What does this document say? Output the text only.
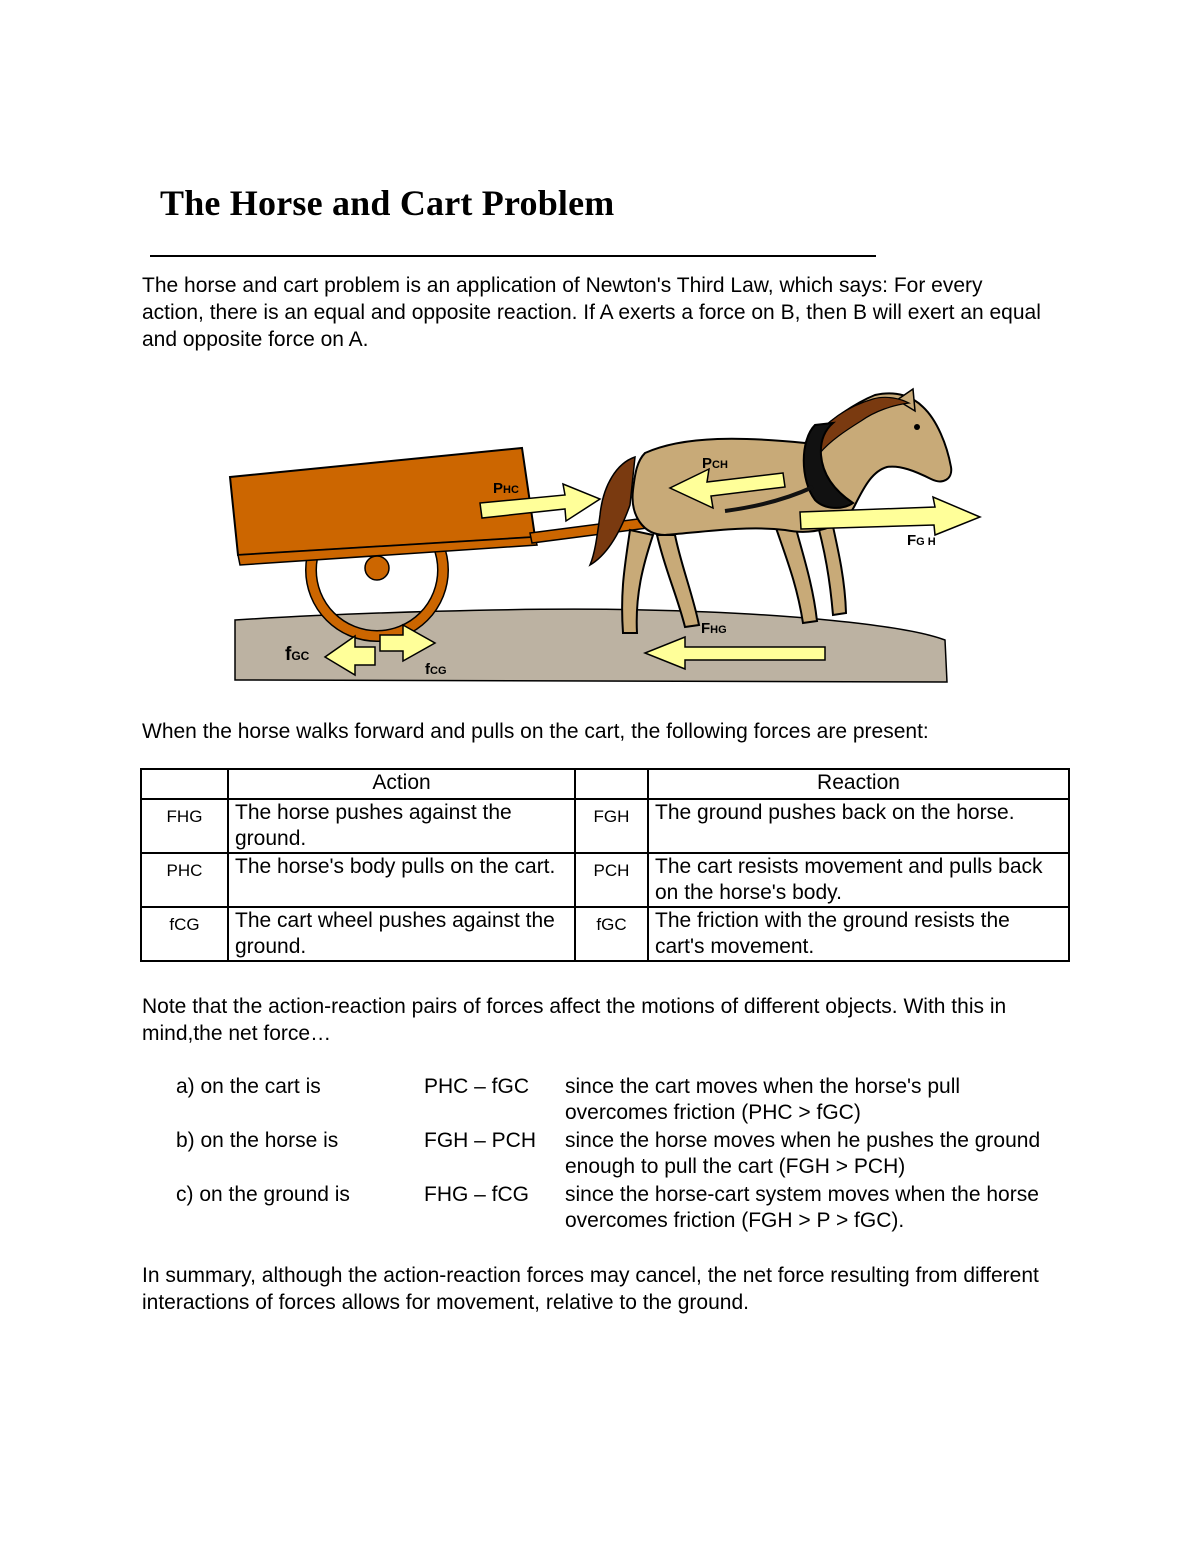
The Horse and Cart Problem

The horse and cart problem is an application of Newton's Third Law, which says: For every action, there is an equal and opposite reaction. If A exerts a force on B, then B will exert an equal and opposite force on A.

PHC
PCH
FG H
FHG
fGC
fCG

When the horse walks forward and pulls on the cart, the following forces are present:

	Action		Reaction
FHG	The horse pushes against the ground.	FGH	The ground pushes back on the horse.
PHC	The horse's body pulls on the cart.	PCH	The cart resists movement and pulls back on the horse's body.
fCG	The cart wheel pushes against the ground.	fGC	The friction with the ground resists the cart's movement.

Note that the action-reaction pairs of forces affect the motions of different objects. With this in mind,the net force…

a) on the cart is	PHC – fGC	since the cart moves when the horse's pull overcomes friction (PHC > fGC)
b) on the horse is	FGH – PCH	since the horse moves when he pushes the ground enough to pull the cart (FGH > PCH)
c) on the ground is	FHG – fCG	since the horse-cart system moves when the horse overcomes friction (FGH > P > fGC).

In summary, although the action-reaction forces may cancel, the net force resulting from different interactions of forces allows for movement, relative to the ground.
